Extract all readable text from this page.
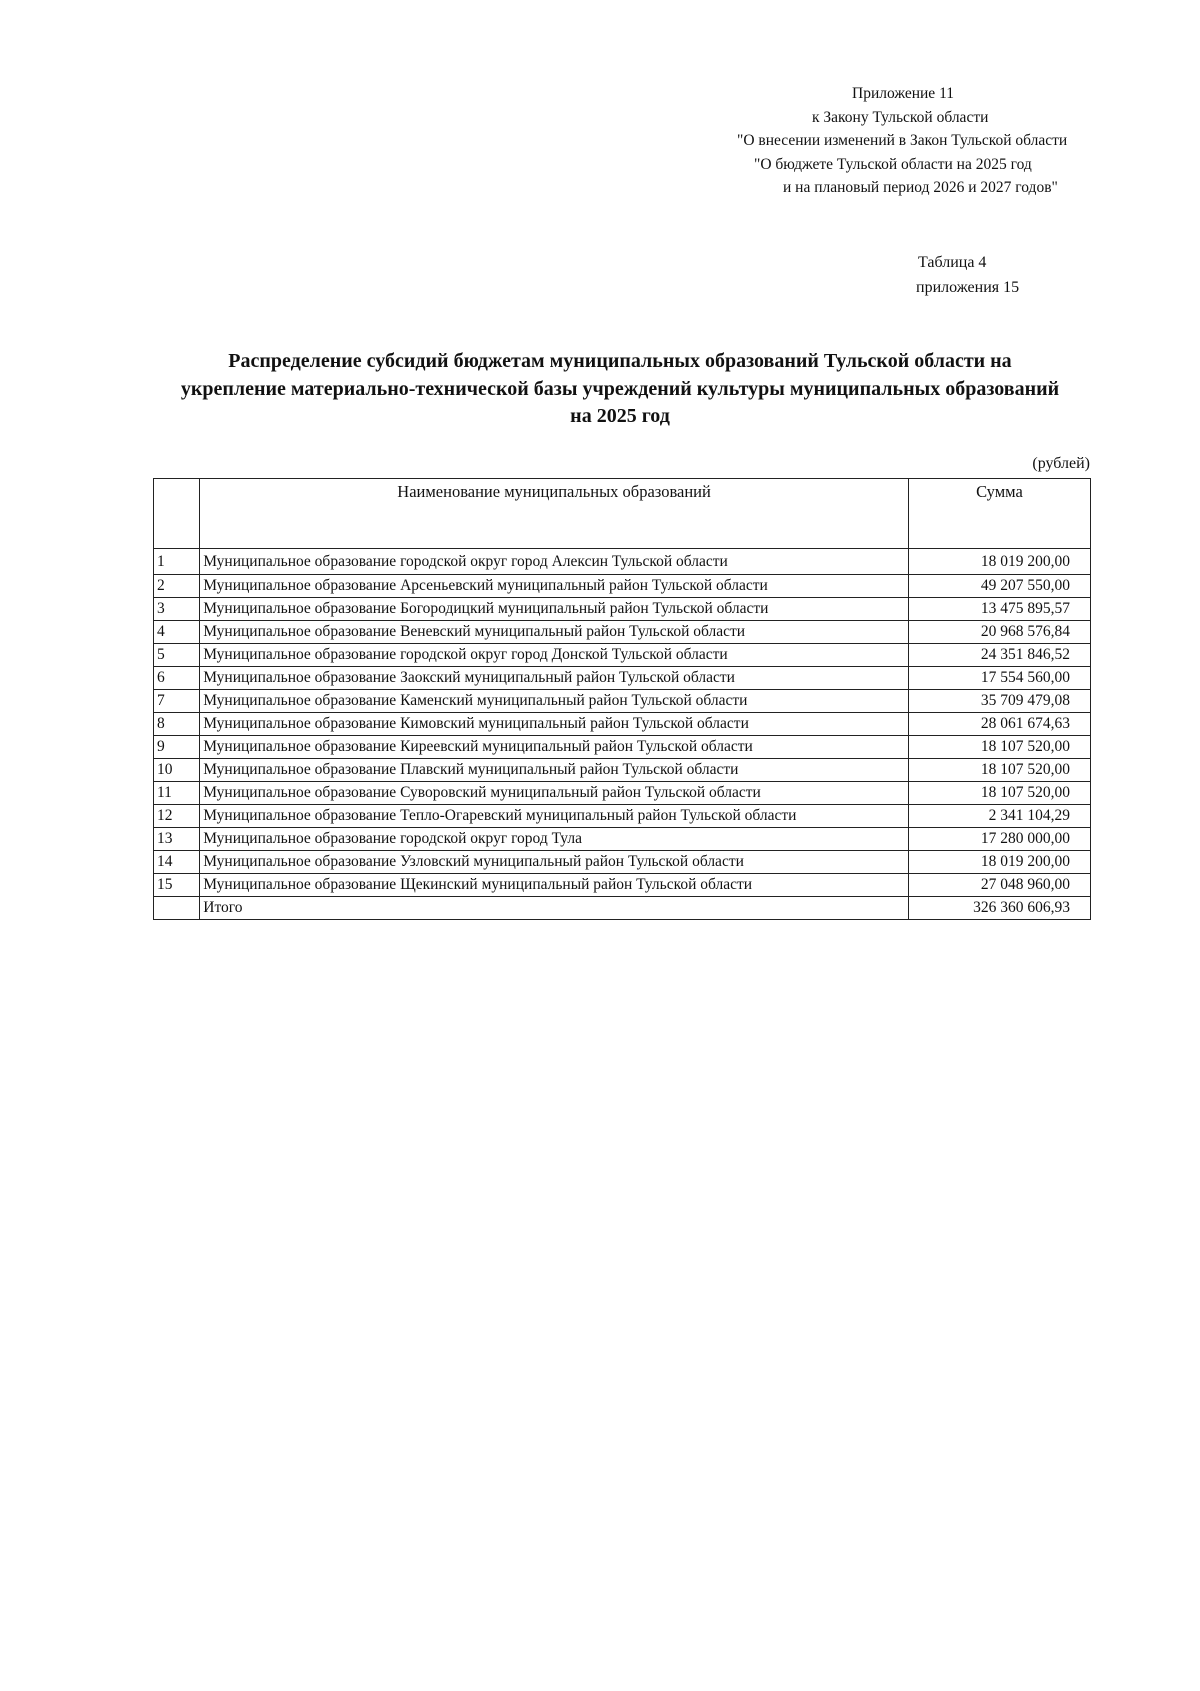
Приложение 11
к Закону Тульской области
"О внесении изменений в Закон Тульской области
"О бюджете Тульской области на 2025 год
и на плановый период 2026 и 2027 годов"
Таблица 4
приложения 15
Распределение субсидий бюджетам муниципальных образований Тульской области на
укрепление материально-технической базы учреждений культуры муниципальных образований
на 2025 год
(рублей)
	Наименование муниципальных образований	Сумма
1	Муниципальное образование городской округ город Алексин Тульской области	18 019 200,00
2	Муниципальное образование Арсеньевский муниципальный район Тульской области	49 207 550,00
3	Муниципальное образование Богородицкий муниципальный район Тульской области	13 475 895,57
4	Муниципальное образование Веневский муниципальный район Тульской области	20 968 576,84
5	Муниципальное образование городской округ город Донской Тульской области	24 351 846,52
6	Муниципальное образование Заокский муниципальный район Тульской области	17 554 560,00
7	Муниципальное образование Каменский муниципальный район Тульской области	35 709 479,08
8	Муниципальное образование Кимовский муниципальный район Тульской области	28 061 674,63
9	Муниципальное образование Киреевский муниципальный район Тульской области	18 107 520,00
10	Муниципальное образование Плавский муниципальный район Тульской области	18 107 520,00
11	Муниципальное образование Суворовский муниципальный район Тульской области	18 107 520,00
12	Муниципальное образование Тепло-Огаревский муниципальный район Тульской области	2 341 104,29
13	Муниципальное образование городской округ город Тула	17 280 000,00
14	Муниципальное образование Узловский муниципальный район Тульской области	18 019 200,00
15	Муниципальное образование Щекинский муниципальный район Тульской области	27 048 960,00
	Итого	326 360 606,93
